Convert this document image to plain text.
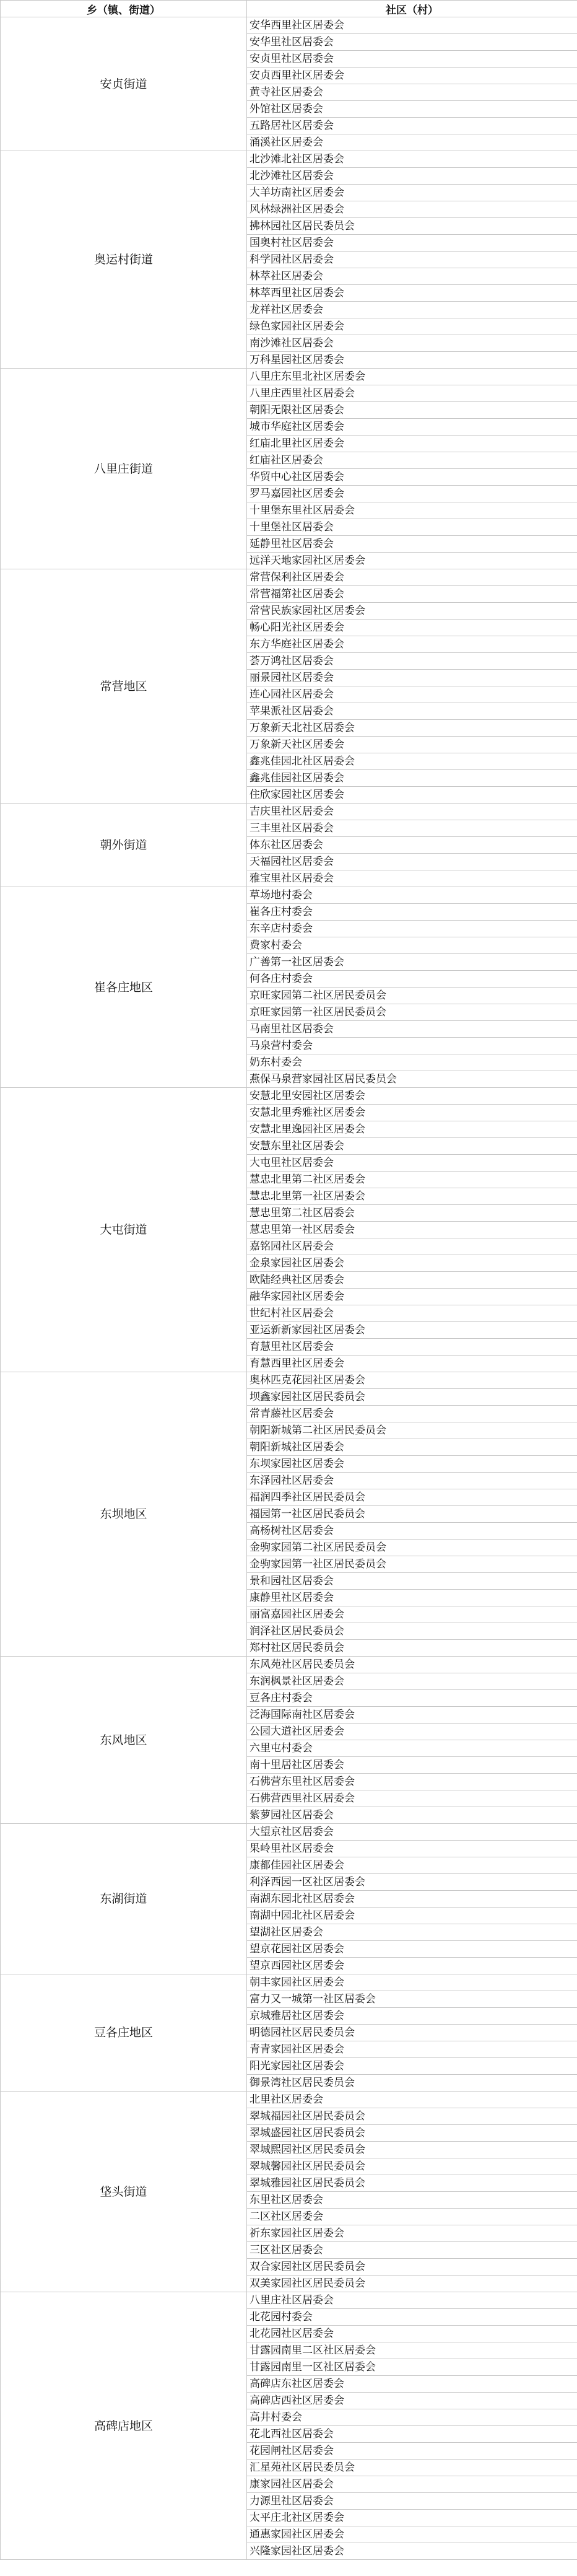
乡（镇、街道）	社区（村）
安贞街道	安华西里社区居委会
	安华里社区居委会
	安贞里社区居委会
	安贞西里社区居委会
	黄寺社区居委会
	外馆社区居委会
	五路居社区居委会
	涌溪社区居委会
奥运村街道	北沙滩北社区居委会
	北沙滩社区居委会
	大羊坊南社区居委会
	风林绿洲社区居委会
	拂林园社区居民委员会
	国奥村社区居委会
	科学园社区居委会
	林萃社区居委会
	林萃西里社区居委会
	龙祥社区居委会
	绿色家园社区居委会
	南沙滩社区居委会
	万科星园社区居委会
八里庄街道	八里庄东里北社区居委会
	八里庄西里社区居委会
	朝阳无限社区居委会
	城市华庭社区居委会
	红庙北里社区居委会
	红庙社区居委会
	华贸中心社区居委会
	罗马嘉园社区居委会
	十里堡东里社区居委会
	十里堡社区居委会
	延静里社区居委会
	远洋天地家园社区居委会
常营地区	常营保利社区居委会
	常营福第社区居委会
	常营民族家园社区居委会
	畅心阳光社区居委会
	东方华庭社区居委会
	荟万鸿社区居委会
	丽景园社区居委会
	连心园社区居委会
	苹果派社区居委会
	万象新天北社区居委会
	万象新天社区居委会
	鑫兆佳园北社区居委会
	鑫兆佳园社区居委会
	住欣家园社区居委会
朝外街道	吉庆里社区居委会
	三丰里社区居委会
	体东社区居委会
	天福园社区居委会
	雅宝里社区居委会
崔各庄地区	草场地村委会
	崔各庄村委会
	东辛店村委会
	费家村委会
	广善第一社区居委会
	何各庄村委会
	京旺家园第二社区居民委员会
	京旺家园第一社区居民委员会
	马南里社区居委会
	马泉营村委会
	奶东村委会
	燕保马泉营家园社区居民委员会
大屯街道	安慧北里安园社区居委会
	安慧北里秀雅社区居委会
	安慧北里逸园社区居委会
	安慧东里社区居委会
	大屯里社区居委会
	慧忠北里第二社区居委会
	慧忠北里第一社区居委会
	慧忠里第二社区居委会
	慧忠里第一社区居委会
	嘉铭园社区居委会
	金泉家园社区居委会
	欧陆经典社区居委会
	融华家园社区居委会
	世纪村社区居委会
	亚运新新家园社区居委会
	育慧里社区居委会
	育慧西里社区居委会
东坝地区	奥林匹克花园社区居委会
	坝鑫家园社区居民委员会
	常青藤社区居委会
	朝阳新城第二社区居民委员会
	朝阳新城社区居委会
	东坝家园社区居委会
	东泽园社区居委会
	福润四季社区居民委员会
	福园第一社区居民委员会
	高杨树社区居委会
	金驹家园第二社区居民委员会
	金驹家园第一社区居民委员会
	景和园社区居委会
	康静里社区居委会
	丽富嘉园社区居委会
	润泽社区居民委员会
	郑村社区居民委员会
东风地区	东风苑社区居民委员会
	东润枫景社区居委会
	豆各庄村委会
	泛海国际南社区居委会
	公园大道社区居委会
	六里屯村委会
	南十里居社区居委会
	石佛营东里社区居委会
	石佛营西里社区居委会
	紫萝园社区居委会
东湖街道	大望京社区居委会
	果岭里社区居委会
	康都佳园社区居委会
	利泽西园一区社区居委会
	南湖东园北社区居委会
	南湖中园北社区居委会
	望湖社区居委会
	望京花园社区居委会
	望京西园社区居委会
豆各庄地区	朝丰家园社区居委会
	富力又一城第一社区居委会
	京城雅居社区居委会
	明德园社区居民委员会
	青青家园社区居委会
	阳光家园社区居委会
	御景湾社区居民委员会
垡头街道	北里社区居委会
	翠城福园社区居民委员会
	翠城盛园社区居民委员会
	翠城熙园社区居民委员会
	翠城馨园社区居民委员会
	翠城雅园社区居民委员会
	东里社区居委会
	二区社区居委会
	祈东家园社区居委会
	三区社区居委会
	双合家园社区居民委员会
	双美家园社区居民委员会
高碑店地区	八里庄社区居委会
	北花园村委会
	北花园社区居委会
	甘露园南里二区社区居委会
	甘露园南里一区社区居委会
	高碑店东社区居委会
	高碑店西社区居委会
	高井村委会
	花北西社区居委会
	花园闸社区居委会
	汇星苑社区居民委员会
	康家园社区居委会
	力源里社区居委会
	太平庄北社区居委会
	通惠家园社区居委会
	兴隆家园社区居委会
